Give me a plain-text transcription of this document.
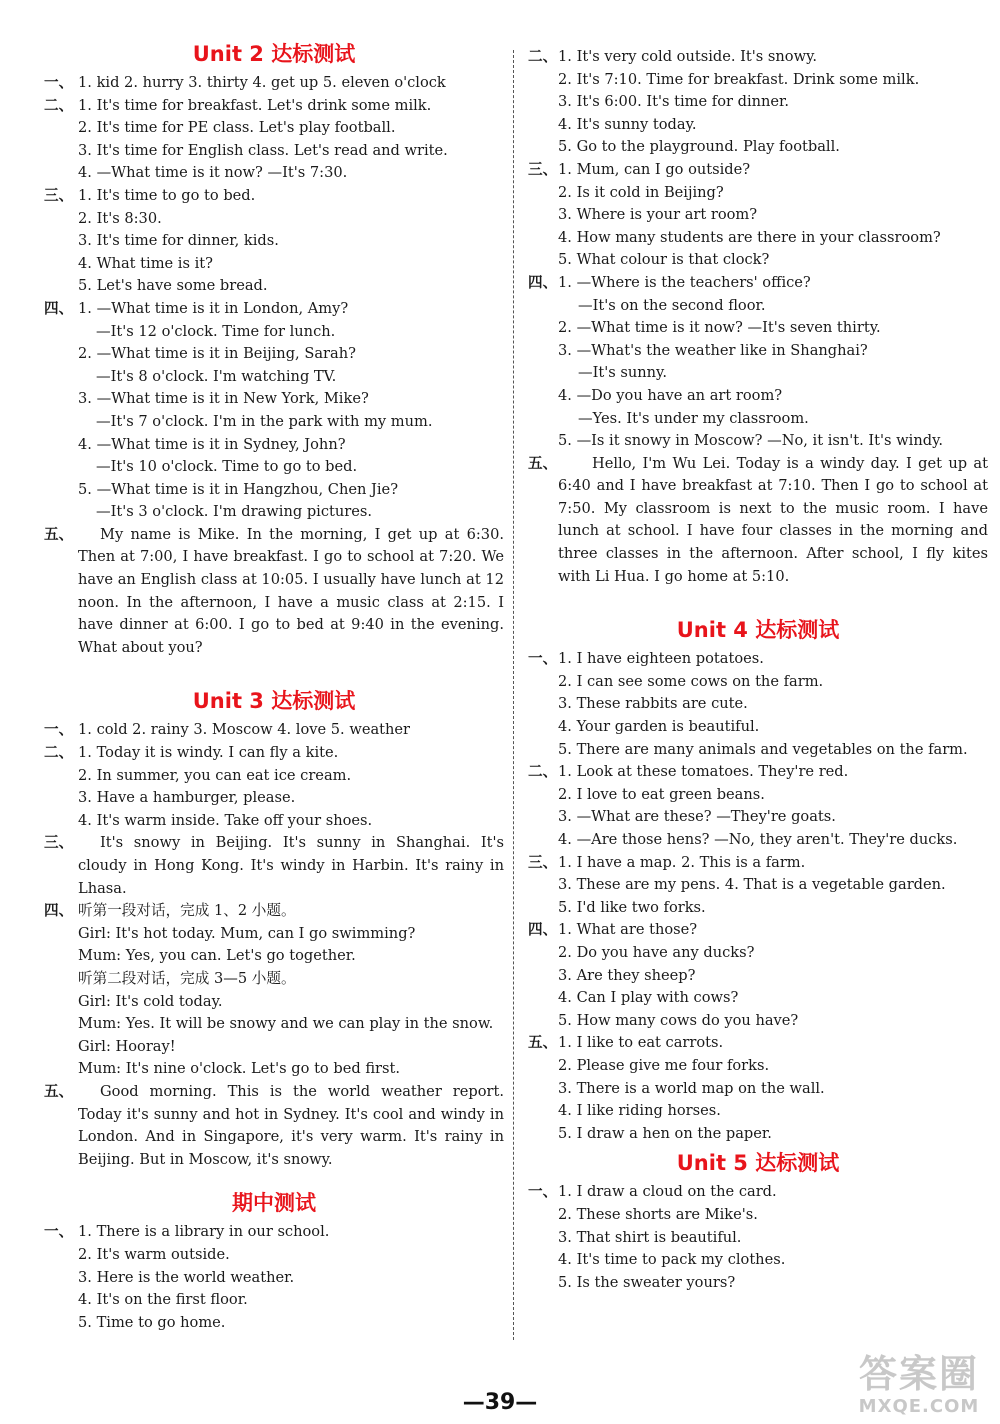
Unit 2 达标测试
一、 1. kid 2. hurry 3. thirty 4. get up 5. eleven o'clock
二、 1. It's time for breakfast. Let's drink some milk.
2. It's time for PE class. Let's play football.
3. It's time for English class. Let's read and write.
4. —What time is it now? —It's 7:30.
三、 1. It's time to go to bed.
2. It's 8:30.
3. It's time for dinner, kids.
4. What time is it?
5. Let's have some bread.
四、 1. —What time is it in London, Amy?
—It's 12 o'clock. Time for lunch.
2. —What time is it in Beijing, Sarah?
—It's 8 o'clock. I'm watching TV.
3. —What time is it in New York, Mike?
—It's 7 o'clock. I'm in the park with my mum.
4. —What time is it in Sydney, John?
—It's 10 o'clock. Time to go to bed.
5. —What time is it in Hangzhou, Chen Jie?
—It's 3 o'clock. I'm drawing pictures.
五、	My name is Mike. In the morning, I get up at 6:30. Then at 7:00, I have breakfast. I go to school at 7:20. We have an English class at 10:05. I usually have lunch at 12 noon. In the afternoon, I have a music class at 2:15. I have dinner at 6:00. I go to bed at 9:40 in the evening. What about you?
Unit 3 达标测试
一、 1. cold 2. rainy 3. Moscow 4. love 5. weather
二、 1. Today it is windy. I can fly a kite.
2. In summer, you can eat ice cream.
3. Have a hamburger, please.
4. It's warm inside. Take off your shoes.
三、	It's snowy in Beijing. It's sunny in Shanghai. It's cloudy in Hong Kong. It's windy in Harbin. It's rainy in Lhasa.
四、 听第一段对话，完成 1、2 小题。
Girl: It's hot today. Mum, can I go swimming?
Mum: Yes, you can. Let's go together.
听第二段对话，完成 3—5 小题。
Girl: It's cold today.
Mum: Yes. It will be snowy and we can play in the snow.
Girl: Hooray!
Mum: It's nine o'clock. Let's go to bed first.
五、	Good morning. This is the world weather report. Today it's sunny and hot in Sydney. It's cool and windy in London. And in Singapore, it's very warm. It's rainy in Beijing. But in Moscow, it's snowy.
期中测试
一、 1. There is a library in our school.
2. It's warm outside.
3. Here is the world weather.
4. It's on the first floor.
5. Time to go home.
二、 1. It's very cold outside. It's snowy.
2. It's 7:10. Time for breakfast. Drink some milk.
3. It's 6:00. It's time for dinner.
4. It's sunny today.
5. Go to the playground. Play football.
三、 1. Mum, can I go outside?
2. Is it cold in Beijing?
3. Where is your art room?
4. How many students are there in your classroom?
5. What colour is that clock?
四、 1. —Where is the teachers' office?
—It's on the second floor.
2. —What time is it now? —It's seven thirty.
3. —What's the weather like in Shanghai?
—It's sunny.
4. —Do you have an art room?
—Yes. It's under my classroom.
5. —Is it snowy in Moscow? —No, it isn't. It's windy.
五、	Hello, I'm Wu Lei. Today is a windy day. I get up at 6:40 and I have breakfast at 7:10. Then I go to school at 7:50. My classroom is next to the music room. I have lunch at school. I have four classes in the morning and three classes in the afternoon. After school, I fly kites with Li Hua. I go home at 5:10.
Unit 4 达标测试
一、 1. I have eighteen potatoes.
2. I can see some cows on the farm.
3. These rabbits are cute.
4. Your garden is beautiful.
5. There are many animals and vegetables on the farm.
二、 1. Look at these tomatoes. They're red.
2. I love to eat green beans.
3. —What are these? —They're goats.
4. —Are those hens? —No, they aren't. They're ducks.
三、 1. I have a map. 2. This is a farm.
3. These are my pens. 4. That is a vegetable garden.
5. I'd like two forks.
四、 1. What are those?
2. Do you have any ducks?
3. Are they sheep?
4. Can I play with cows?
5. How many cows do you have?
五、 1. I like to eat carrots.
2. Please give me four forks.
3. There is a world map on the wall.
4. I like riding horses.
5. I draw a hen on the paper.
Unit 5 达标测试
一、 1. I draw a cloud on the card.
2. These shorts are Mike's.
3. That shirt is beautiful.
4. It's time to pack my clothes.
5. Is the sweater yours?
—39—
答案圈
MXQE.COM
